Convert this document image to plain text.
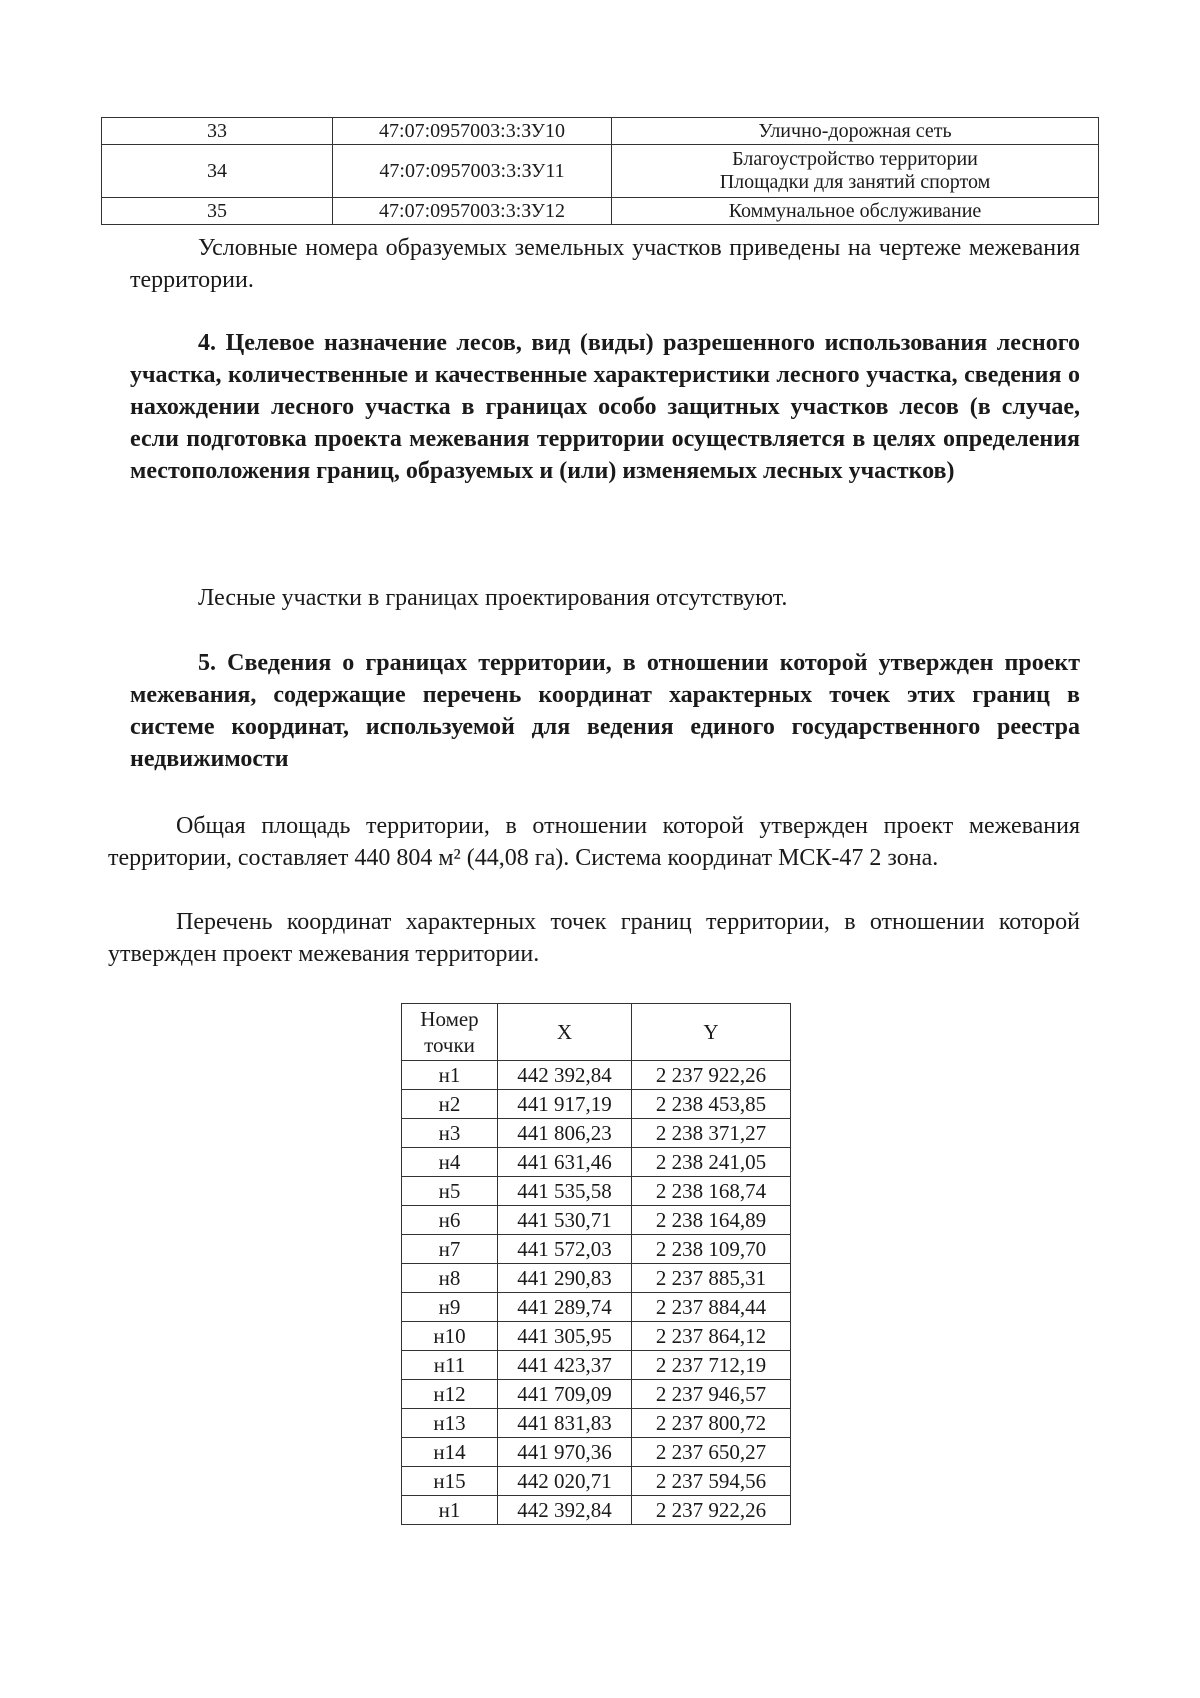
33	47:07:0957003:3:ЗУ10	Улично-дорожная сеть

34	47:07:0957003:3:ЗУ11	Благоустройство территории
Площадки для занятий спортом

35	47:07:0957003:3:ЗУ12	Коммунальное обслуживание

Условные номера образуемых земельных участков приведены на чертеже межевания территории.

4. Целевое назначение лесов, вид (виды) разрешенного использования лесного участка, количественные и качественные характеристики лесного участка, сведения о нахождении лесного участка в границах особо защитных участков лесов (в случае, если подготовка проекта межевания территории осуществляется в целях определения местоположения границ, образуемых и (или) изменяемых лесных участков)

Лесные участки в границах проектирования отсутствуют.

5. Сведения о границах территории, в отношении которой утвержден проект межевания, содержащие перечень координат характерных точек этих границ в системе координат, используемой для ведения единого государственного реестра недвижимости

Общая площадь территории, в отношении которой утвержден проект межевания территории, составляет 440 804 м² (44,08 га). Система координат МСК-47 2 зона.

Перечень координат характерных точек границ территории, в отношении которой утвержден проект межевания территории.

Номер
точки	X	Y
н1	442 392,84	2 237 922,26
н2	441 917,19	2 238 453,85
н3	441 806,23	2 238 371,27
н4	441 631,46	2 238 241,05
н5	441 535,58	2 238 168,74
н6	441 530,71	2 238 164,89
н7	441 572,03	2 238 109,70
н8	441 290,83	2 237 885,31
н9	441 289,74	2 237 884,44
н10	441 305,95	2 237 864,12
н11	441 423,37	2 237 712,19
н12	441 709,09	2 237 946,57
н13	441 831,83	2 237 800,72
н14	441 970,36	2 237 650,27
н15	442 020,71	2 237 594,56
н1	442 392,84	2 237 922,26
